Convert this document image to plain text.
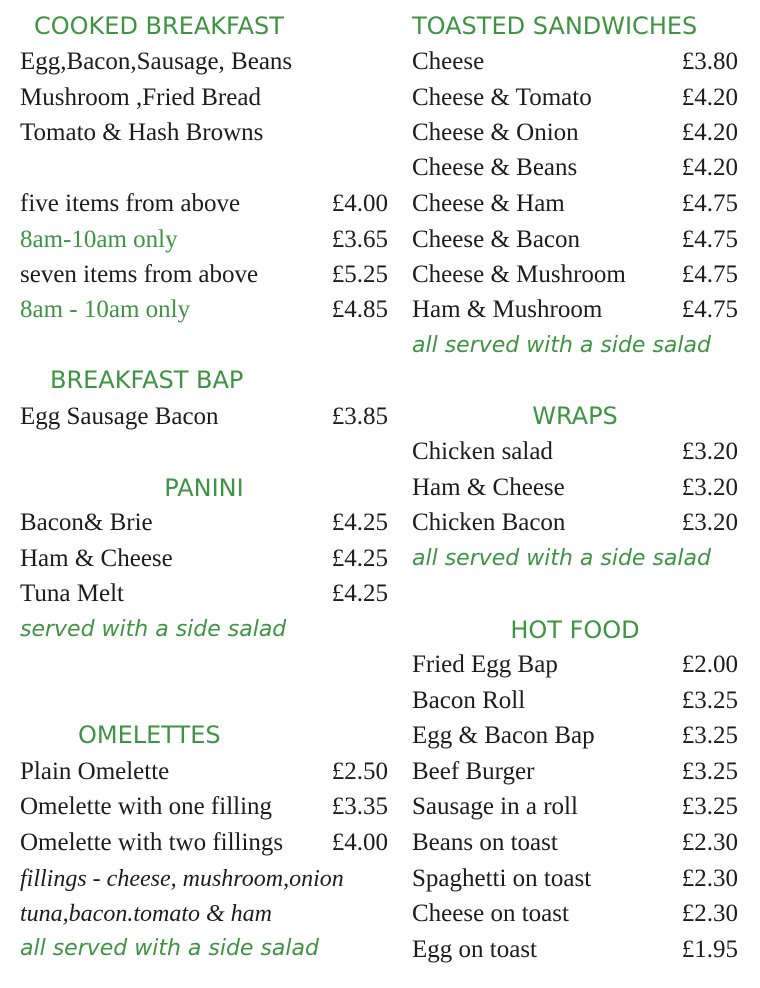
COOKED BREAKFAST
Egg,Bacon,Sausage, Beans
Mushroom ,Fried Bread
Tomato & Hash Browns
five items from above	£4.00
8am-10am only	£3.65
seven items from above	£5.25
8am - 10am only	£4.85
BREAKFAST BAP
Egg Sausage Bacon	£3.85
PANINI
Bacon& Brie	£4.25
Ham & Cheese	£4.25
Tuna Melt	£4.25
served with a side salad
OMELETTES
Plain Omelette	£2.50
Omelette with one filling £3.35
Omelette with two fillings £4.00
fillings - cheese, mushroom,onion
tuna,bacon.tomato & ham
all served with a side salad
TOASTED SANDWICHES
Cheese	£3.80
Cheese & Tomato	£4.20
Cheese & Onion	£4.20
Cheese & Beans	£4.20
Cheese & Ham	£4.75
Cheese & Bacon	£4.75
Cheese & Mushroom £4.75
Ham & Mushroom	£4.75
all served with a side salad
WRAPS
Chicken salad	£3.20
Ham & Cheese	£3.20
Chicken Bacon	£3.20
all served with a side salad
HOT FOOD
Fried Egg Bap	£2.00
Bacon Roll	£3.25
Egg & Bacon Bap	£3.25
Beef Burger	£3.25
Sausage in a roll	£3.25
Beans on toast	£2.30
Spaghetti on toast	£2.30
Cheese on toast	£2.30
Egg on toast	£1.95
